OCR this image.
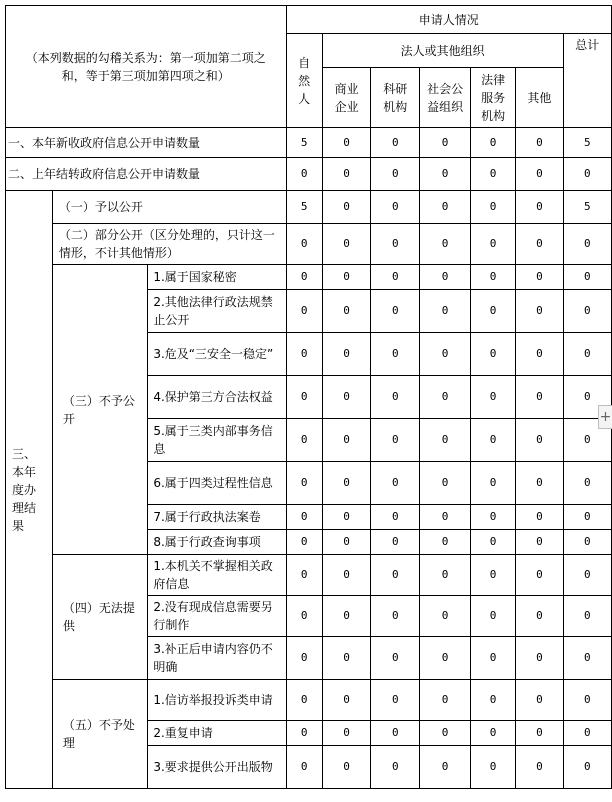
（本列数据的勾稽关系为：第一项加第二项之和，等于第三项加第四项之和）			申请人情况						
			自然人	法人或其他组织					总计
				商业企业	科研机构	社会公益组织	法律服务机构	其他	

一、本年新收政府信息公开申请数量			5	0	0	0	0	0	5
二、上年结转政府信息公开申请数量			0	0	0	0	0	0	0
三、本年度办理结果	（一）予以公开		5	0	0	0	0	0	5
	（二）部分公开（区分处理的，只计这一情形，不计其他情形）		0	0	0	0	0	0	0
	（三）不予公开	1.属于国家秘密	0	0	0	0	0	0	0
		2.其他法律行政法规禁止公开	0	0	0	0	0	0	0
		3.危及“三安全一稳定”	0	0	0	0	0	0	0
		4.保护第三方合法权益	0	0	0	0	0	0	0
		5.属于三类内部事务信息	0	0	0	0	0	0	0
		6.属于四类过程性信息	0	0	0	0	0	0	0
		7.属于行政执法案卷	0	0	0	0	0	0	0
		8.属于行政查询事项	0	0	0	0	0	0	0
	（四）无法提供	1.本机关不掌握相关政府信息	0	0	0	0	0	0	0
		2.没有现成信息需要另行制作	0	0	0	0	0	0	0
		3.补正后申请内容仍不明确	0	0	0	0	0	0	0
	（五）不予处理	1.信访举报投诉类申请	0	0	0	0	0	0	0
		2.重复申请	0	0	0	0	0	0	0
		3.要求提供公开出版物	0	0	0	0	0	0	0
+
